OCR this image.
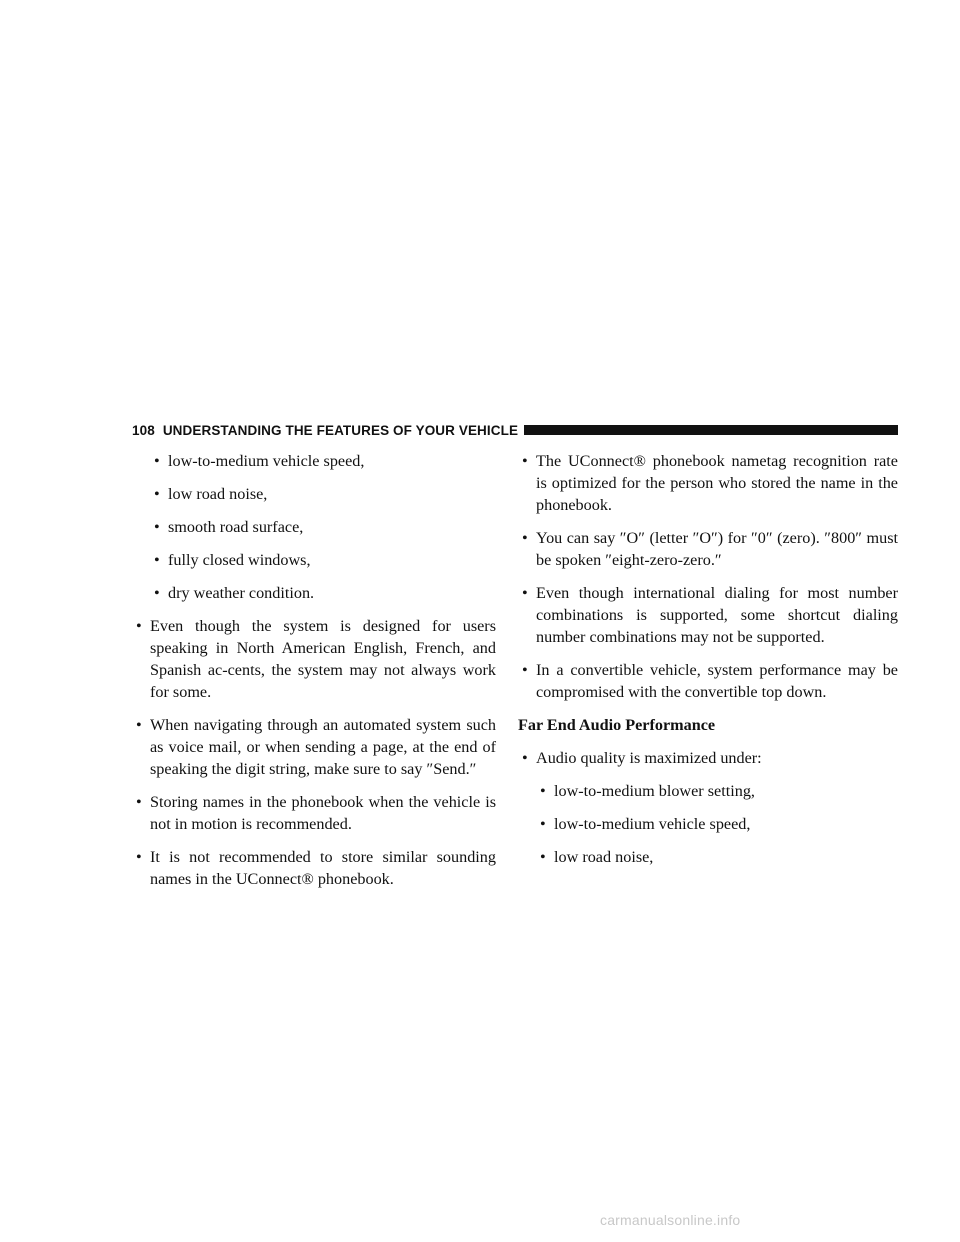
108 UNDERSTANDING THE FEATURES OF YOUR VEHICLE
• low-to-medium vehicle speed,
• low road noise,
• smooth road surface,
• fully closed windows,
• dry weather condition.
• Even though the system is designed for users speaking in North American English, French, and Spanish ac-cents, the system may not always work for some.
• When navigating through an automated system such as voice mail, or when sending a page, at the end of speaking the digit string, make sure to say ″Send.″
• Storing names in the phonebook when the vehicle is not in motion is recommended.
• It is not recommended to store similar sounding names in the UConnect® phonebook.
• The UConnect® phonebook nametag recognition rate is optimized for the person who stored the name in the phonebook.
• You can say ″O″ (letter ″O″) for ″0″ (zero). ″800″ must be spoken ″eight-zero-zero.″
• Even though international dialing for most number combinations is supported, some shortcut dialing number combinations may not be supported.
• In a convertible vehicle, system performance may be compromised with the convertible top down.
Far End Audio Performance
• Audio quality is maximized under:
• low-to-medium blower setting,
• low-to-medium vehicle speed,
• low road noise,
carmanualsonline.info
